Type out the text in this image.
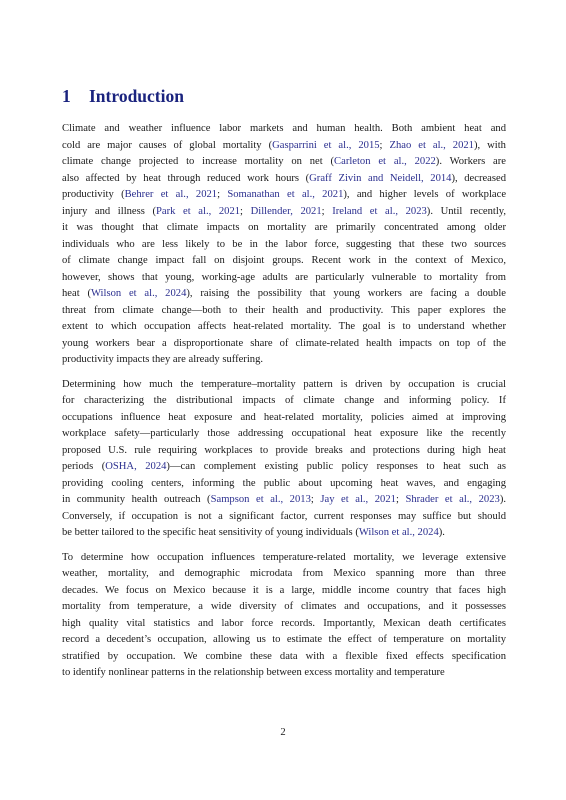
1 Introduction
Climate and weather influence labor markets and human health. Both ambient heat and
cold are major causes of global mortality (Gasparrini et al., 2015; Zhao et al., 2021), with
climate change projected to increase mortality on net (Carleton et al., 2022). Workers are
also affected by heat through reduced work hours (Graff Zivin and Neidell, 2014), decreased
productivity (Behrer et al., 2021; Somanathan et al., 2021), and higher levels of workplace
injury and illness (Park et al., 2021; Dillender, 2021; Ireland et al., 2023). Until recently,
it was thought that climate impacts on mortality are primarily concentrated among older
individuals who are less likely to be in the labor force, suggesting that these two sources
of climate change impact fall on disjoint groups. Recent work in the context of Mexico,
however, shows that young, working-age adults are particularly vulnerable to mortality from
heat (Wilson et al., 2024), raising the possibility that young workers are facing a double
threat from climate change—both to their health and productivity. This paper explores the
extent to which occupation affects heat-related mortality. The goal is to understand whether
young workers bear a disproportionate share of climate-related health impacts on top of the
productivity impacts they are already suffering.
Determining how much the temperature–mortality pattern is driven by occupation is crucial
for characterizing the distributional impacts of climate change and informing policy. If
occupations influence heat exposure and heat-related mortality, policies aimed at improving
workplace safety—particularly those addressing occupational heat exposure like the recently
proposed U.S. rule requiring workplaces to provide breaks and protections during high heat
periods (OSHA, 2024)—can complement existing public policy responses to heat such as
providing cooling centers, informing the public about upcoming heat waves, and engaging
in community health outreach (Sampson et al., 2013; Jay et al., 2021; Shrader et al., 2023).
Conversely, if occupation is not a significant factor, current responses may suffice but should
be better tailored to the specific heat sensitivity of young individuals (Wilson et al., 2024).
To determine how occupation influences temperature-related mortality, we leverage extensive
weather, mortality, and demographic microdata from Mexico spanning more than three
decades. We focus on Mexico because it is a large, middle income country that faces high
mortality from temperature, a wide diversity of climates and occupations, and it possesses
high quality vital statistics and labor force records. Importantly, Mexican death certificates
record a decedent’s occupation, allowing us to estimate the effect of temperature on mortality
stratified by occupation. We combine these data with a flexible fixed effects specification
to identify nonlinear patterns in the relationship between excess mortality and temperature
2
